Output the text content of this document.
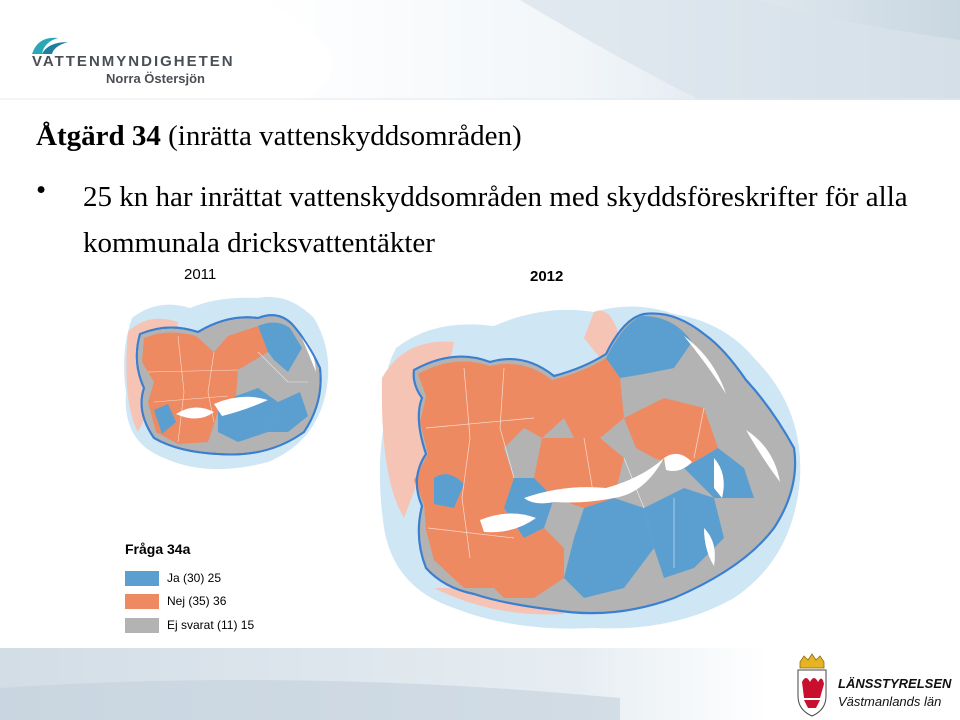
VATTENMYNDIGHETEN
Norra Östersjön
Åtgärd 34 (inrätta vattenskyddsområden)
• 25 kn har inrättat vattenskyddsområden med skyddsföreskrifter för alla kommunala dricksvattentäkter
2011	2012
Fråga 34a
Ja (30) 25
Nej (35) 36
Ej svarat (11) 15
LÄNSSTYRELSEN
Västmanlands län
